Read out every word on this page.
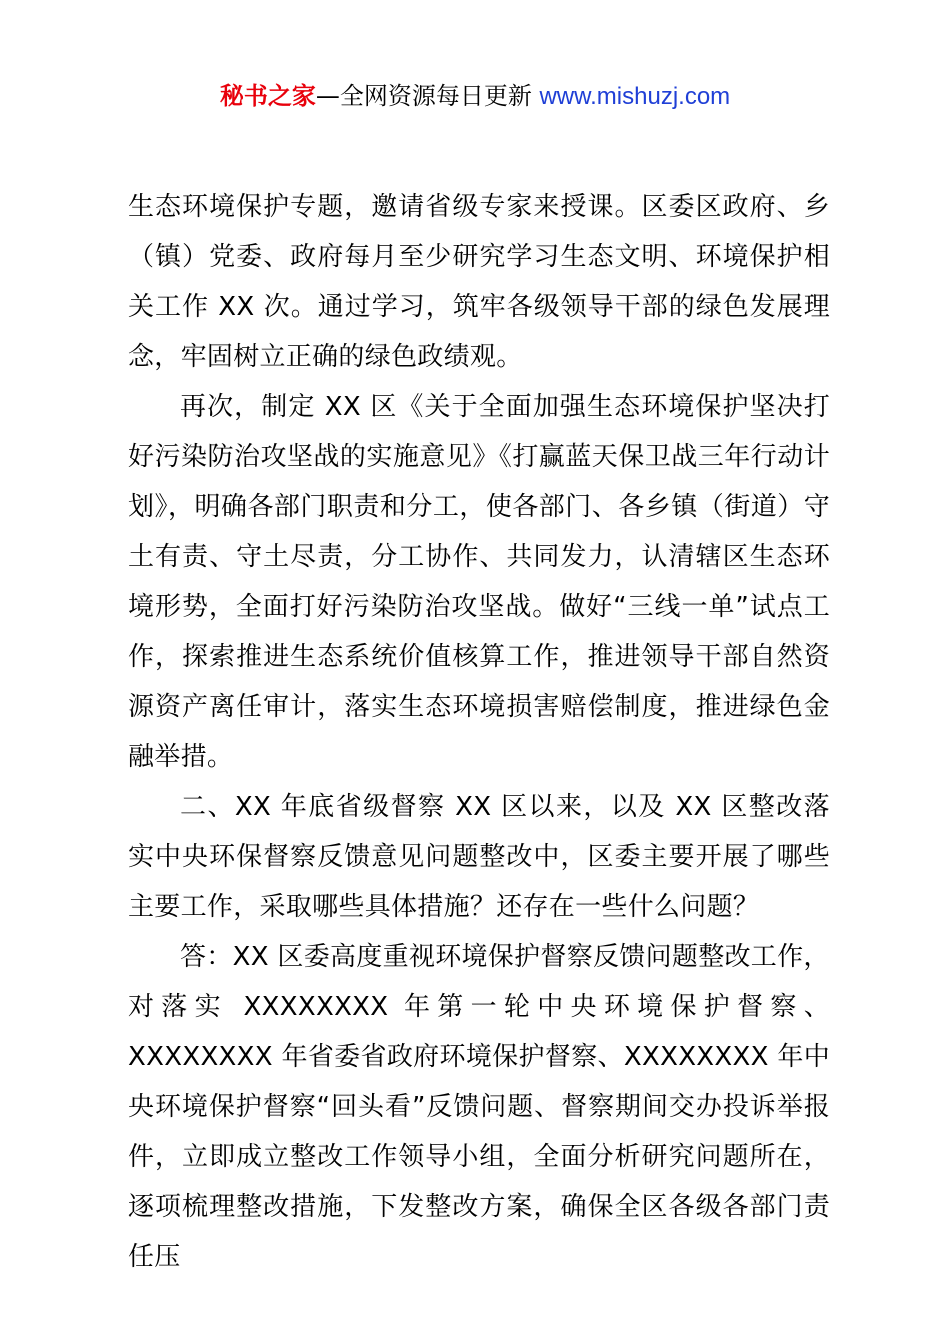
秘书之家—全网资源每日更新 www.mishuzj.com

生态环境保护专题，邀请省级专家来授课。区委区政府、乡（镇）党委、政府每月至少研究学习生态文明、环境保护相关工作 XX 次。通过学习，筑牢各级领导干部的绿色发展理念，牢固树立正确的绿色政绩观。

再次，制定 XX 区《关于全面加强生态环境保护坚决打好污染防治攻坚战的实施意见》《打赢蓝天保卫战三年行动计划》，明确各部门职责和分工，使各部门、各乡镇（街道）守土有责、守土尽责，分工协作、共同发力，认清辖区生态环境形势，全面打好污染防治攻坚战。做好“三线一单”试点工作，探索推进生态系统价值核算工作，推进领导干部自然资源资产离任审计，落实生态环境损害赔偿制度，推进绿色金融举措。

二、XX 年底省级督察 XX 区以来，以及 XX 区整改落实中央环保督察反馈意见问题整改中，区委主要开展了哪些主要工作，采取哪些具体措施？还存在一些什么问题？

答：XX 区委高度重视环境保护督察反馈问题整改工作，

对落实 XXXXXXXX 年第一轮中央环境保护督察、

XXXXXXXX 年省委省政府环境保护督察、XXXXXXXX 年中央环境保护督察“回头看”反馈问题、督察期间交办投诉举报件，立即成立整改工作领导小组，全面分析研究问题所在，逐项梳理整改措施，下发整改方案，确保全区各级各部门责任压
